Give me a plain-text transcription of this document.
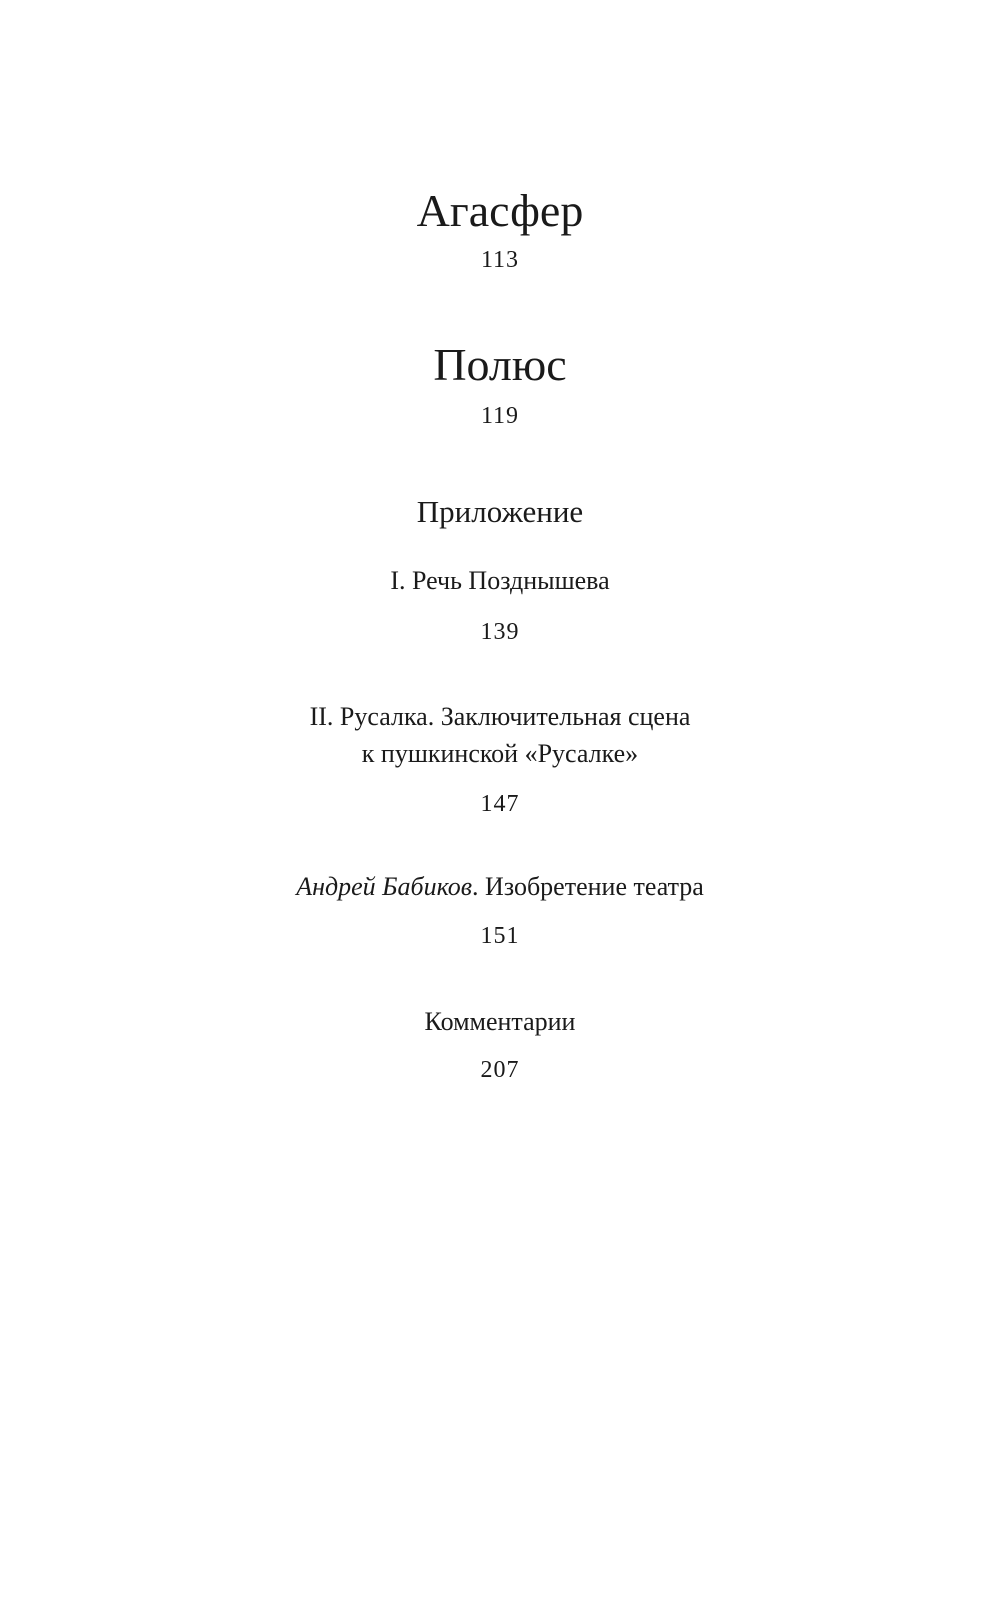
Агасфер
113
Полюс
119
Приложение
I. Речь Позднышева
139
II. Русалка. Заключительная сцена
к пушкинской «Русалке»
147
Андрей Бабиков. Изобретение театра
151
Комментарии
207
